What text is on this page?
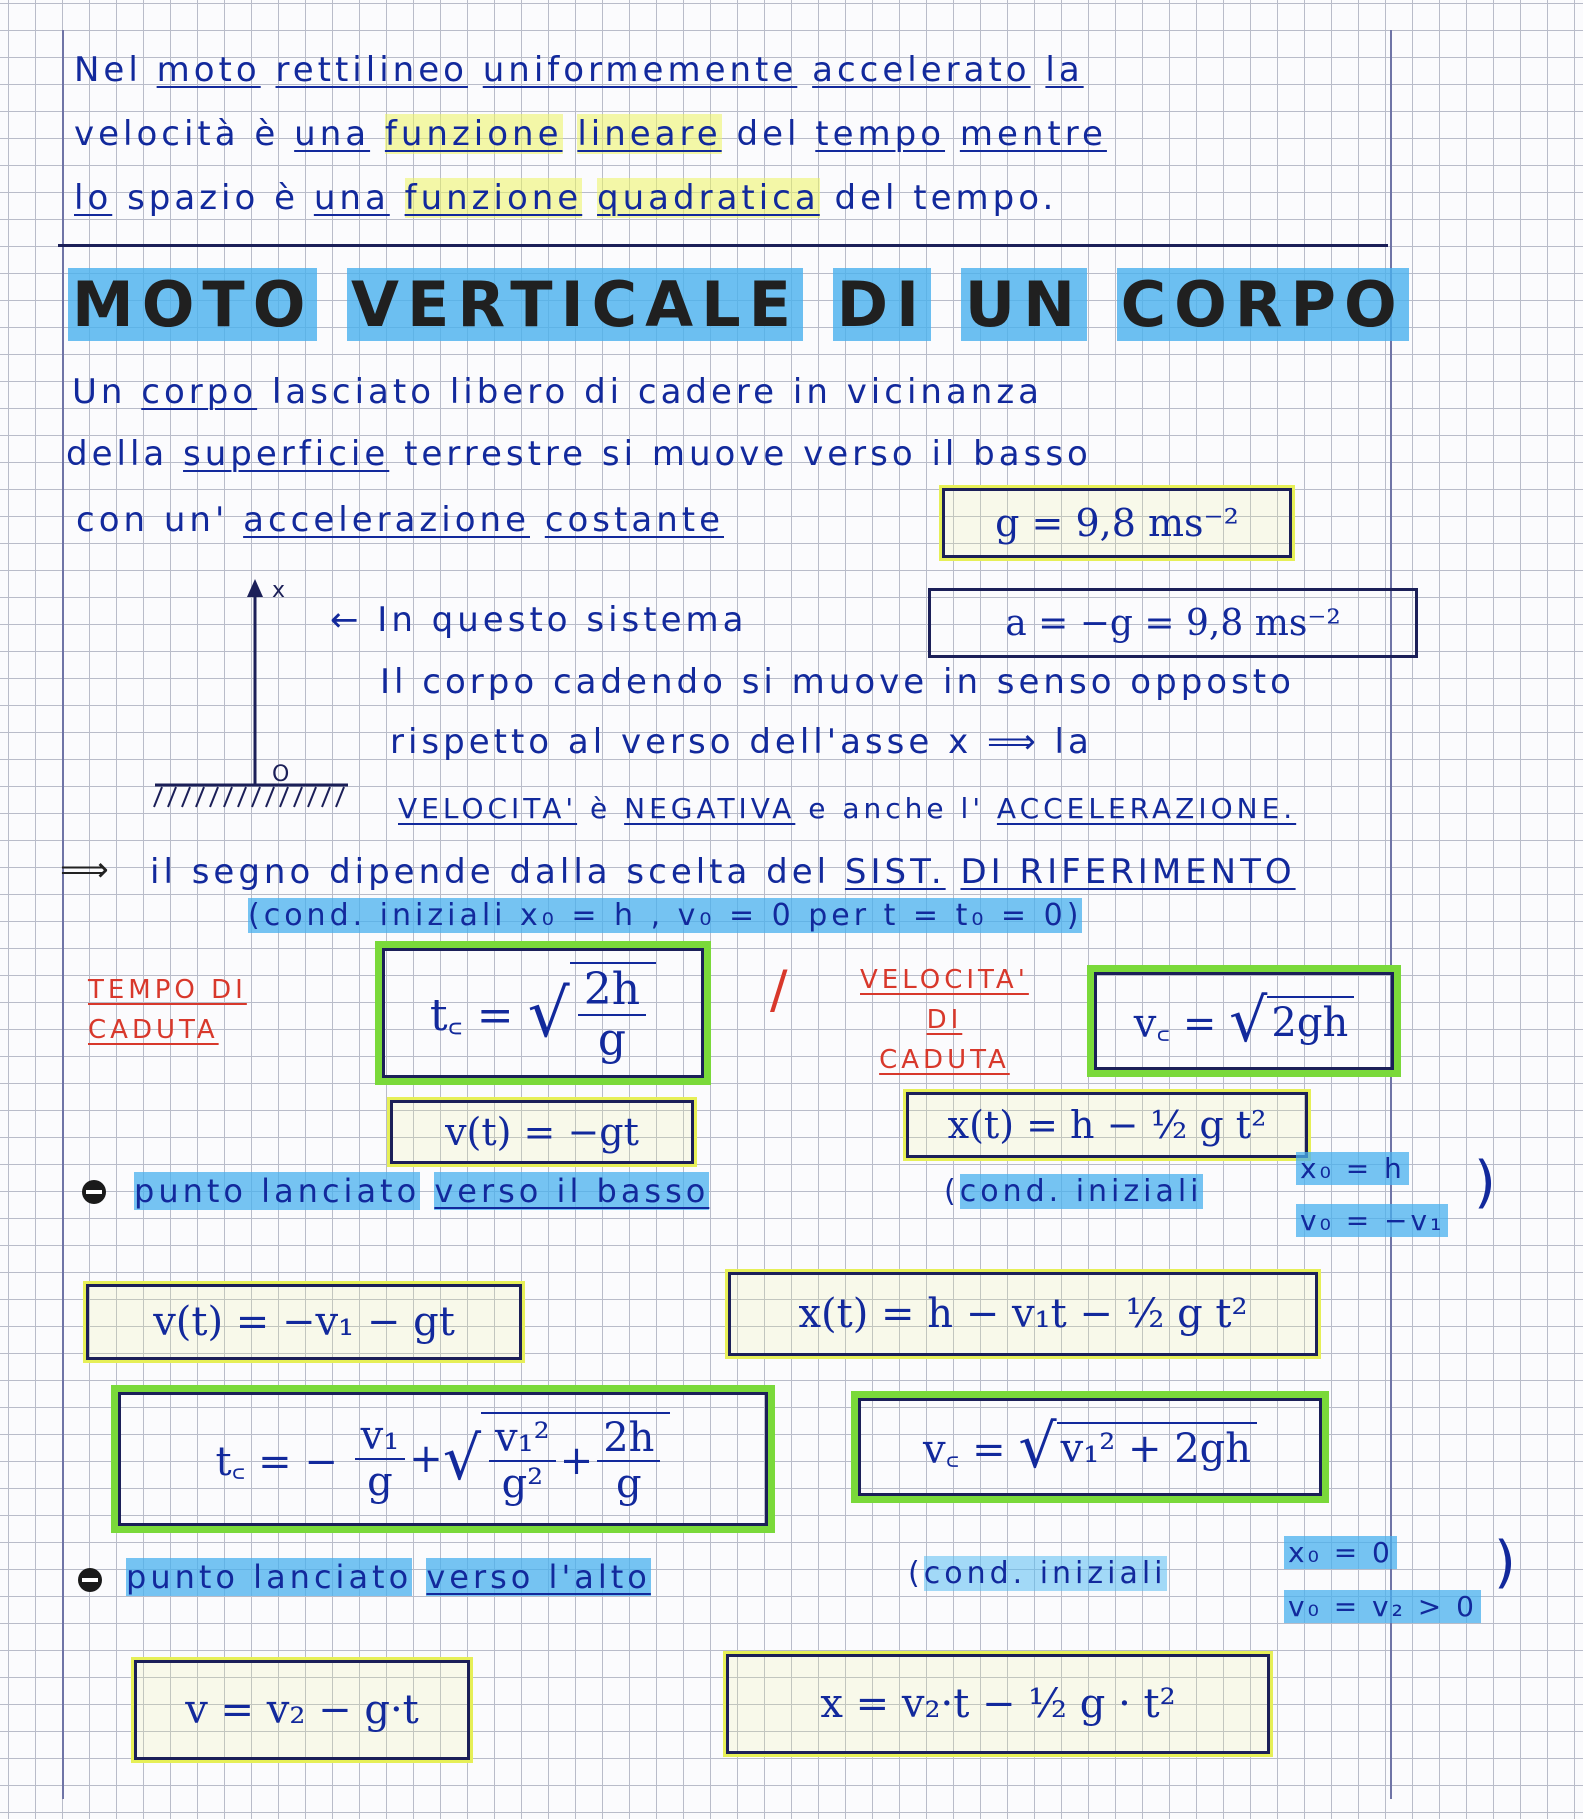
Nel moto rettilineo uniformemente accelerato la
velocità è una funzione lineare del tempo mentre
lo spazio è una funzione quadratica del tempo.
MOTO VERTICALE DI UN CORPO
Un corpo lasciato libero di cadere in vicinanza
della superficie terrestre si muove verso il basso
con un' accelerazione costante	g = 9,8 ms⁻²
x
O
← In questo sistema	a = −g = 9,8 ms⁻²
Il corpo cadendo si muove in senso opposto
rispetto al verso dell'asse x ⟹ la
VELOCITA' è NEGATIVA e anche l' ACCELERAZIONE.
⟹ il segno dipende dalla scelta del SIST. DI RIFERIMENTO
(cond. iniziali x₀ = h , v₀ = 0 per t = t₀ = 0)
TEMPO DI
CADUTA	t꜀ =
√ $\frac{2h}{g}$ /	VELOCITA'
DI
CADUTA
v꜀ =
√ 2gh
v(t) = −gt	x(t) = h − ½ g t²
punto lanciato verso il basso	(cond. iniziali
x₀ = h
v₀ = −v₁
)
v(t) = −v₁ − gt	x(t) = h − v₁t − ½ g t²
t꜀ = −
$\frac{\text{v₁}}{g}$ + √ $\frac{\text{v₁²}}{\text{g²}} + \frac{2h}{g}$	v꜀ =
√ v₁² + 2gh
punto lanciato verso l'alto	(cond. iniziali
x₀ = 0
v₀ = v₂ > 0
)
v = v₂ − g·t	x = v₂·t − ½ g · t²
